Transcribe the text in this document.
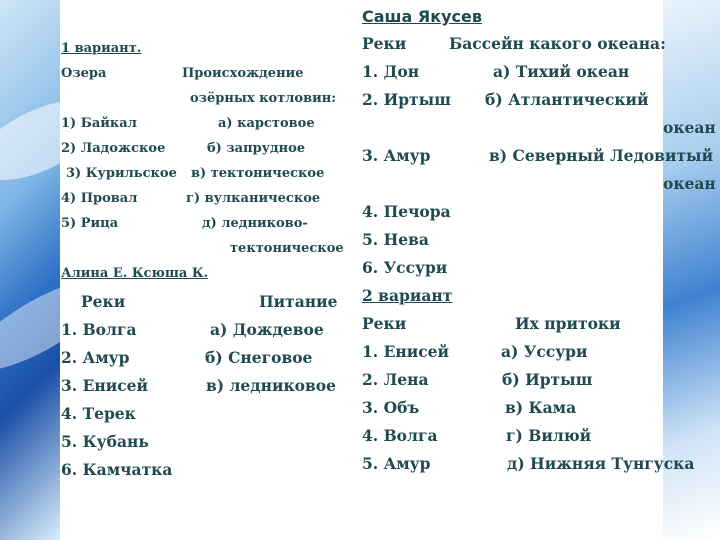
1 вариант.
Озера	Происхождение
озёрных котловин:
1) Байкал	а) карстовое
2) Ладожское	б) запрудное
3) Курильское в) тектоническое
4) Провал	г) вулканическое
5) Рица	д) ледниково-
тектоническое
Алина Е. Ксюша К.
Реки	Питание
1. Волга	а) Дождевое
2. Амур	б) Снеговое
3. Енисей	в) ледниковое
4. Терек
5. Кубань
6. Камчатка
Саша Якусев
Реки	Бассейн какого океана:
1. Дон	а) Тихий океан
2. Иртыш б) Атлантический
океан
3. Амур	в) Северный Ледовитый
океан
4. Печора
5. Нева
6. Уссури
2 вариант
Реки	Их притоки
1. Енисей	а) Уссури
2. Лена	б) Иртыш
3. Объ	в) Кама
4. Волга	г) Вилюй
5. Амур	д) Нижняя Тунгуска
